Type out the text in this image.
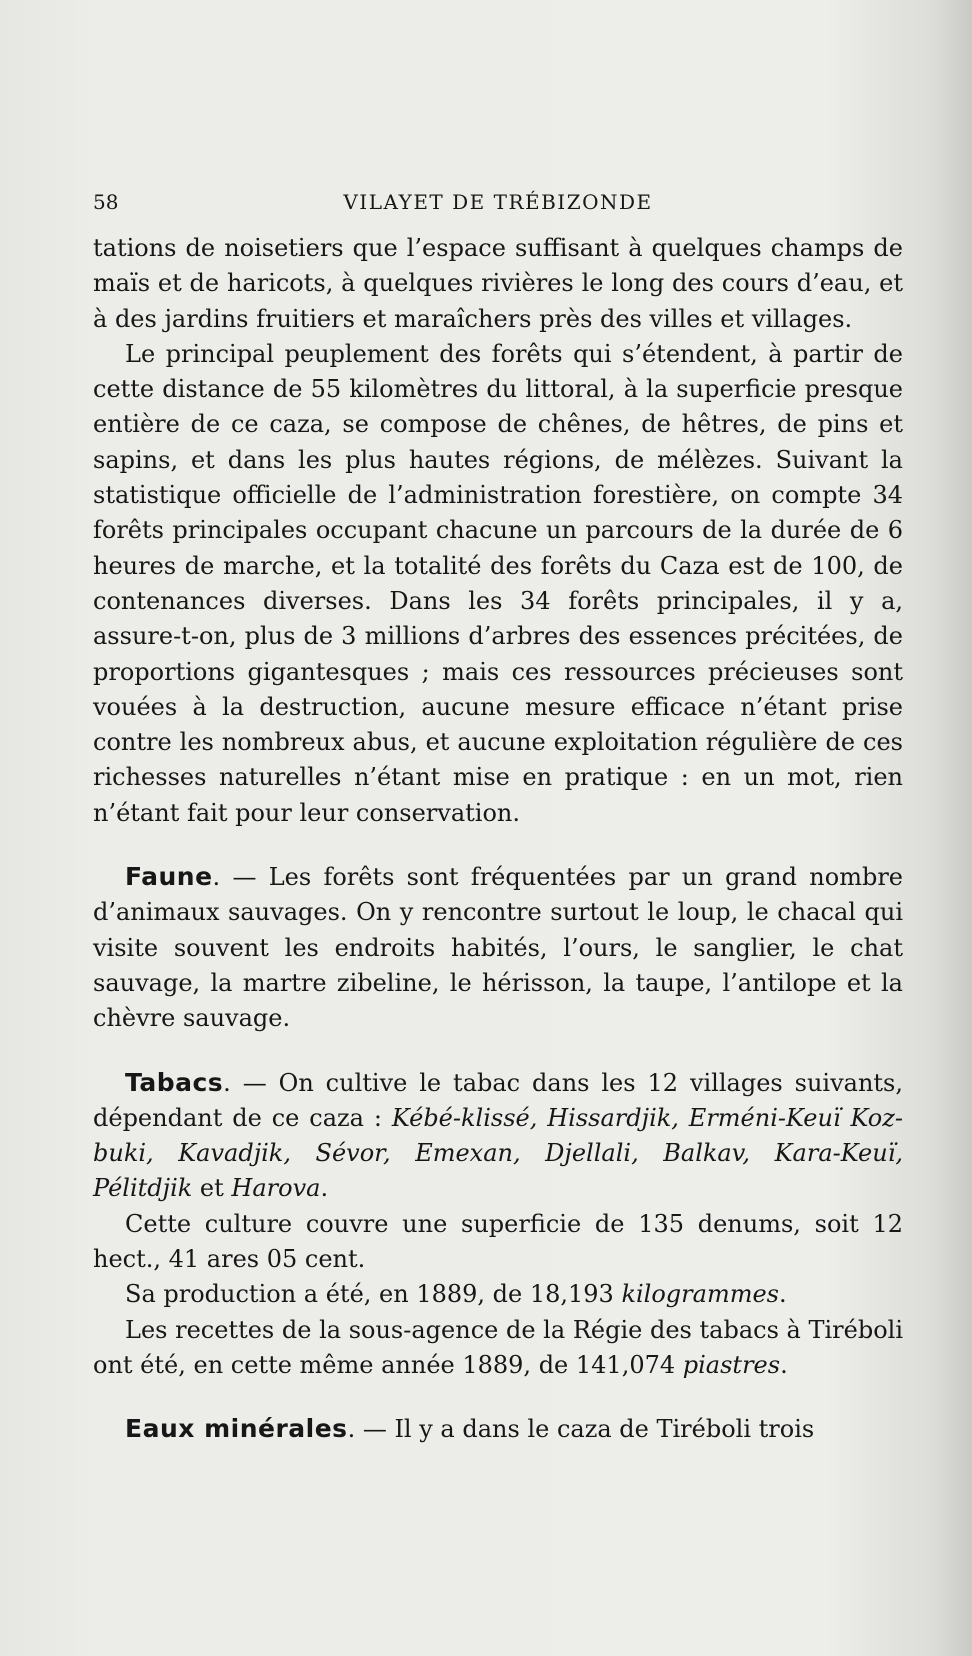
58	VILAYET DE TRÉBIZONDE

tations de noisetiers que l’espace suffisant à quelques champs de maïs et de haricots, à quelques rivières le long des cours d’eau, et à des jardins fruitiers et maraîchers près des villes et villages.

Le principal peuplement des forêts qui s’étendent, à partir de cette distance de 55 kilomètres du littoral, à la superficie presque entière de ce caza, se compose de chênes, de hêtres, de pins et sapins, et dans les plus hautes régions, de mélèzes. Suivant la statistique officielle de l’administration forestière, on compte 34 forêts principales occupant chacune un parcours de la durée de 6 heures de marche, et la totalité des forêts du Caza est de 100, de contenances diverses. Dans les 34 forêts principales, il y a, assure-t-on, plus de 3 millions d’arbres des essences précitées, de proportions gigantesques ; mais ces ressources précieuses sont vouées à la destruction, aucune mesure efficace n’étant prise contre les nombreux abus, et aucune exploitation régulière de ces richesses naturelles n’étant mise en pratique : en un mot, rien n’étant fait pour leur conservation.

Faune. — Les forêts sont fréquentées par un grand nombre d’animaux sauvages. On y rencontre surtout le loup, le chacal qui visite souvent les endroits habités, l’ours, le sanglier, le chat sauvage, la martre zibeline, le hérisson, la taupe, l’antilope et la chèvre sauvage.

Tabacs. — On cultive le tabac dans les 12 villages suivants, dépendant de ce caza : Kébé-klissé, Hissardjik, Erméni-Keuï Koz-buki, Kavadjik, Sévor, Emexan, Djellali, Balkav, Kara-Keuï, Pélitdjik et Harova.

Cette culture couvre une superficie de 135 denums, soit 12 hect., 41 ares 05 cent.

Sa production a été, en 1889, de 18,193 kilogrammes.

Les recettes de la sous-agence de la Régie des tabacs à Tiréboli ont été, en cette même année 1889, de 141,074 piastres.

Eaux minérales. — Il y a dans le caza de Tiréboli trois
